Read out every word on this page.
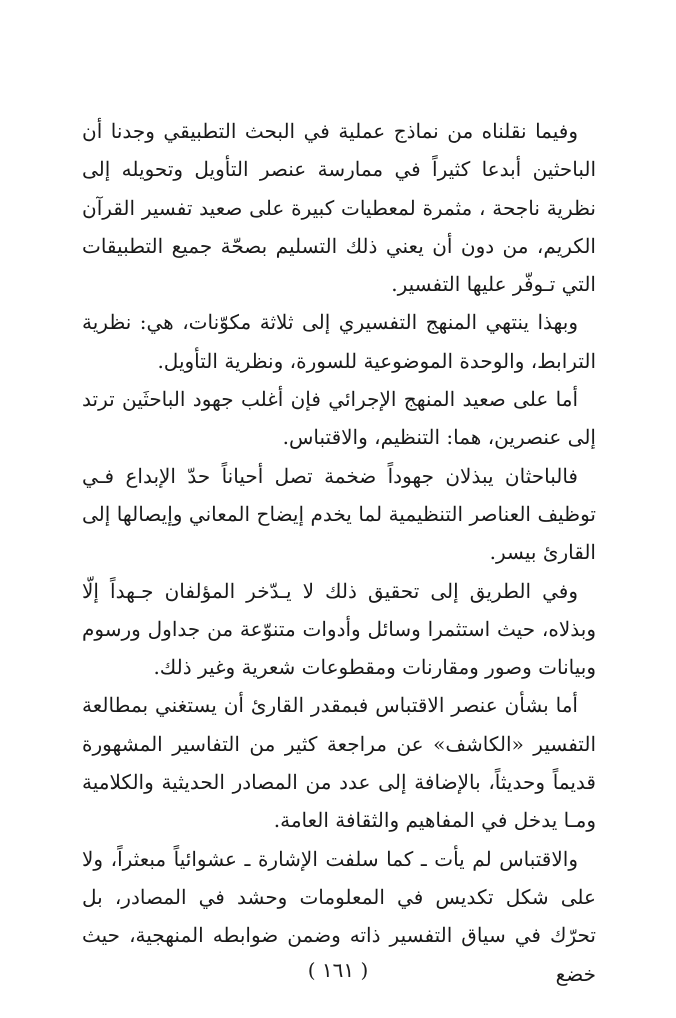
وفيما نقلناه من نماذج عملية في البحث التطبيقي وجدنا أن الباحثين أبدعا كثيراً في ممارسة عنصر التأويل وتحويله إلى نظرية ناجحة ، مثمرة لمعطيات كبيرة على صعيد تفسير القرآن الكريم، من دون أن يعني ذلك التسليم بصحّة جميع التطبيقات التي تـوفّر عليها التفسير.

وبهذا ينتهي المنهج التفسيري إلى ثلاثة مكوّنات، هي: نظرية الترابط، والوحدة الموضوعية للسورة، ونظرية التأويل.

أما على صعيد المنهج الإجرائي فإن أغلب جهود الباحثَين ترتد إلى عنصرين، هما: التنظيم، والاقتباس.

فالباحثان يبذلان جهوداً ضخمة تصل أحياناً حدّ الإبداع فـي توظيف العناصر التنظيمية لما يخدم إيضاح المعاني وإيصالها إلى القارئ بيسر.

وفي الطريق إلى تحقيق ذلك لا يـدّخر المؤلفان جـهداً إلّا وبذلاه، حيث استثمرا وسائل وأدوات متنوّعة من جداول ورسوم وبيانات وصور ومقارنات ومقطوعات شعرية وغير ذلك.

أما بشأن عنصر الاقتباس فبمقدر القارئ أن يستغني بمطالعة التفسير «الكاشف» عن مراجعة كثير من التفاسير المشهورة قديماً وحديثاً، بالإضافة إلى عدد من المصادر الحديثية والكلامية ومـا يدخل في المفاهيم والثقافة العامة.

والاقتباس لم يأت ـ كما سلفت الإشارة ـ عشوائياً مبعثراً، ولا على شكل تكديس في المعلومات وحشد في المصادر، بل تحرّك في سياق التفسير ذاته وضمن ضوابطه المنهجية، حيث خضع

( ١٦١ )
